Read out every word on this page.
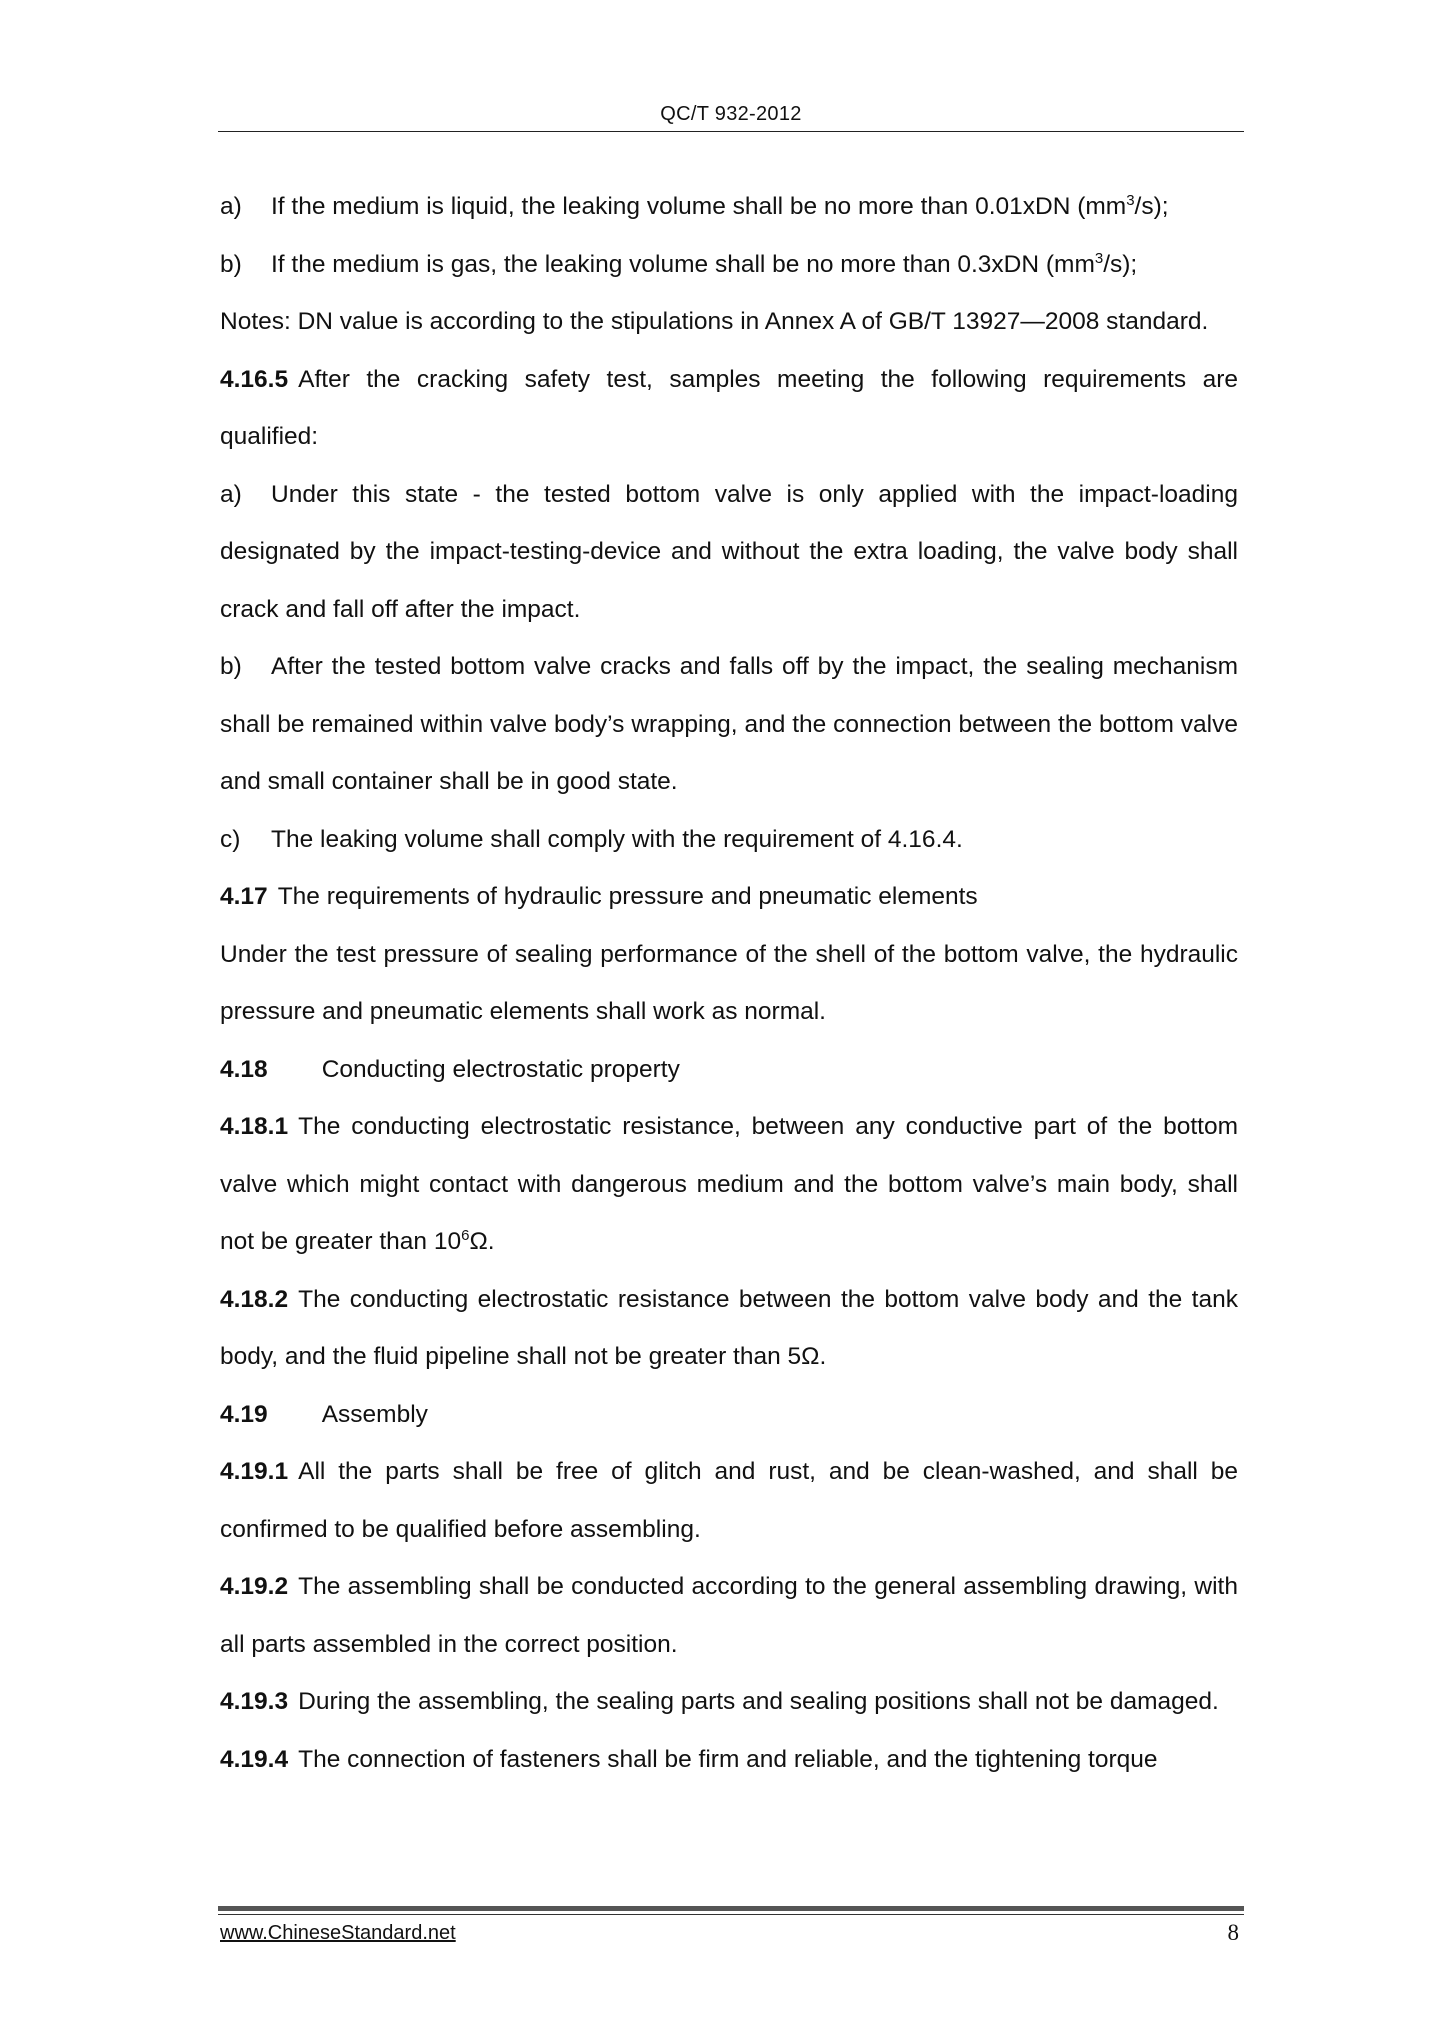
QC/T 932-2012

a) If the medium is liquid, the leaking volume shall be no more than 0.01xDN $(mm^3/s)$;

b) If the medium is gas, the leaking volume shall be no more than 0.3xDN $(mm^3/s)$;

Notes: DN value is according to the stipulations in Annex A of GB/T 13927—2008 standard.

4.16.5 After the cracking safety test, samples meeting the following requirements are qualified:

a) Under this state - the tested bottom valve is only applied with the impact-loading designated by the impact-testing-device and without the extra loading, the valve body shall crack and fall off after the impact.

b) After the tested bottom valve cracks and falls off by the impact, the sealing mechanism shall be remained within valve body’s wrapping, and the connection between the bottom valve and small container shall be in good state.

c) The leaking volume shall comply with the requirement of 4.16.4.

4.17 The requirements of hydraulic pressure and pneumatic elements

Under the test pressure of sealing performance of the shell of the bottom valve, the hydraulic pressure and pneumatic elements shall work as normal.

4.18 Conducting electrostatic property

4.18.1 The conducting electrostatic resistance, between any conductive part of the bottom valve which might contact with dangerous medium and the bottom valve’s main body, shall not be greater than $10^6\Omega$.

4.18.2 The conducting electrostatic resistance between the bottom valve body and the tank body, and the fluid pipeline shall not be greater than 5Ω.

4.19 Assembly

4.19.1 All the parts shall be free of glitch and rust, and be clean-washed, and shall be confirmed to be qualified before assembling.

4.19.2 The assembling shall be conducted according to the general assembling drawing, with all parts assembled in the correct position.

4.19.3 During the assembling, the sealing parts and sealing positions shall not be damaged.

4.19.4 The connection of fasteners shall be firm and reliable, and the tightening torque

www.ChineseStandard.net	8
